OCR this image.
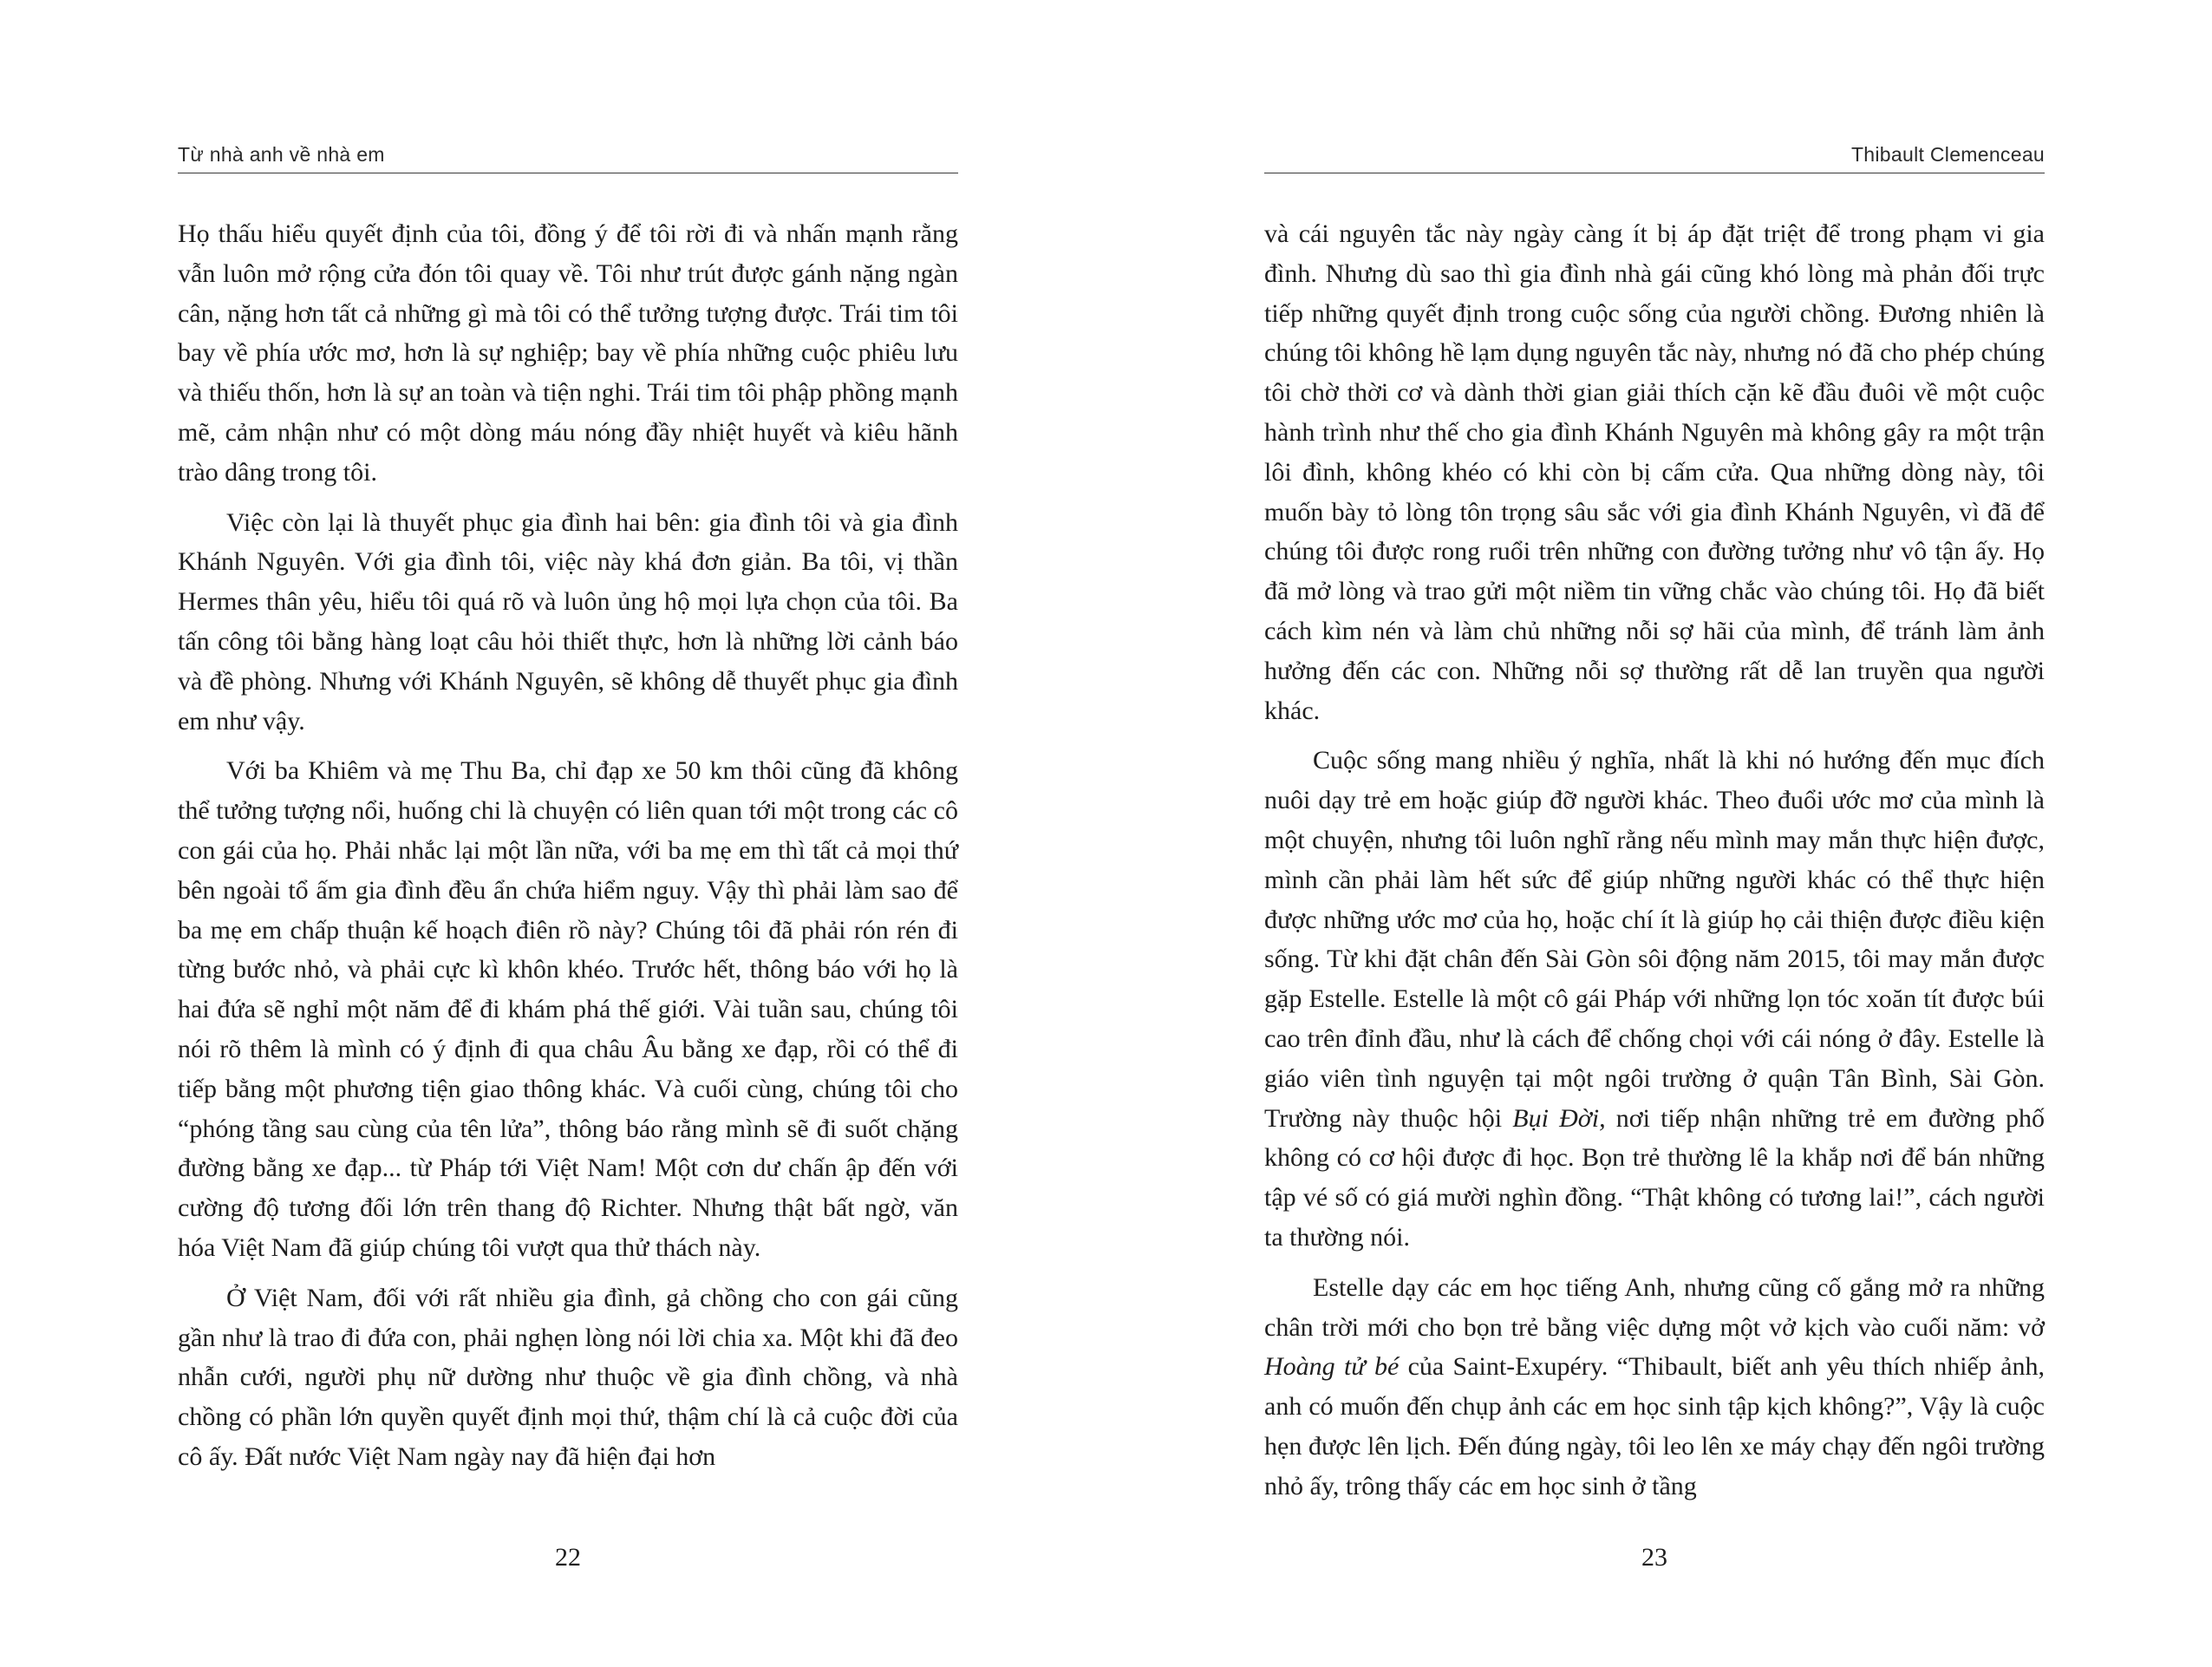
Từ nhà anh về nhà em

Họ thấu hiểu quyết định của tôi, đồng ý để tôi rời đi và nhấn mạnh rằng vẫn luôn mở rộng cửa đón tôi quay về. Tôi như trút được gánh nặng ngàn cân, nặng hơn tất cả những gì mà tôi có thể tưởng tượng được. Trái tim tôi bay về phía ước mơ, hơn là sự nghiệp; bay về phía những cuộc phiêu lưu và thiếu thốn, hơn là sự an toàn và tiện nghi. Trái tim tôi phập phồng mạnh mẽ, cảm nhận như có một dòng máu nóng đầy nhiệt huyết và kiêu hãnh trào dâng trong tôi.

Việc còn lại là thuyết phục gia đình hai bên: gia đình tôi và gia đình Khánh Nguyên. Với gia đình tôi, việc này khá đơn giản. Ba tôi, vị thần Hermes thân yêu, hiểu tôi quá rõ và luôn ủng hộ mọi lựa chọn của tôi. Ba tấn công tôi bằng hàng loạt câu hỏi thiết thực, hơn là những lời cảnh báo và đề phòng. Nhưng với Khánh Nguyên, sẽ không dễ thuyết phục gia đình em như vậy.

Với ba Khiêm và mẹ Thu Ba, chỉ đạp xe 50 km thôi cũng đã không thể tưởng tượng nổi, huống chi là chuyện có liên quan tới một trong các cô con gái của họ. Phải nhắc lại một lần nữa, với ba mẹ em thì tất cả mọi thứ bên ngoài tổ ấm gia đình đều ẩn chứa hiểm nguy. Vậy thì phải làm sao để ba mẹ em chấp thuận kế hoạch điên rồ này? Chúng tôi đã phải rón rén đi từng bước nhỏ, và phải cực kì khôn khéo. Trước hết, thông báo với họ là hai đứa sẽ nghỉ một năm để đi khám phá thế giới. Vài tuần sau, chúng tôi nói rõ thêm là mình có ý định đi qua châu Âu bằng xe đạp, rồi có thể đi tiếp bằng một phương tiện giao thông khác. Và cuối cùng, chúng tôi cho “phóng tầng sau cùng của tên lửa”, thông báo rằng mình sẽ đi suốt chặng đường bằng xe đạp... từ Pháp tới Việt Nam! Một cơn dư chấn ập đến với cường độ tương đối lớn trên thang độ Richter. Nhưng thật bất ngờ, văn hóa Việt Nam đã giúp chúng tôi vượt qua thử thách này.

Ở Việt Nam, đối với rất nhiều gia đình, gả chồng cho con gái cũng gần như là trao đi đứa con, phải nghẹn lòng nói lời chia xa. Một khi đã đeo nhẫn cưới, người phụ nữ dường như thuộc về gia đình chồng, và nhà chồng có phần lớn quyền quyết định mọi thứ, thậm chí là cả cuộc đời của cô ấy. Đất nước Việt Nam ngày nay đã hiện đại hơn

22
Thibault Clemenceau

và cái nguyên tắc này ngày càng ít bị áp đặt triệt để trong phạm vi gia đình. Nhưng dù sao thì gia đình nhà gái cũng khó lòng mà phản đối trực tiếp những quyết định trong cuộc sống của người chồng. Đương nhiên là chúng tôi không hề lạm dụng nguyên tắc này, nhưng nó đã cho phép chúng tôi chờ thời cơ và dành thời gian giải thích cặn kẽ đầu đuôi về một cuộc hành trình như thế cho gia đình Khánh Nguyên mà không gây ra một trận lôi đình, không khéo có khi còn bị cấm cửa. Qua những dòng này, tôi muốn bày tỏ lòng tôn trọng sâu sắc với gia đình Khánh Nguyên, vì đã để chúng tôi được rong ruổi trên những con đường tưởng như vô tận ấy. Họ đã mở lòng và trao gửi một niềm tin vững chắc vào chúng tôi. Họ đã biết cách kìm nén và làm chủ những nỗi sợ hãi của mình, để tránh làm ảnh hưởng đến các con. Những nỗi sợ thường rất dễ lan truyền qua người khác.

Cuộc sống mang nhiều ý nghĩa, nhất là khi nó hướng đến mục đích nuôi dạy trẻ em hoặc giúp đỡ người khác. Theo đuổi ước mơ của mình là một chuyện, nhưng tôi luôn nghĩ rằng nếu mình may mắn thực hiện được, mình cần phải làm hết sức để giúp những người khác có thể thực hiện được những ước mơ của họ, hoặc chí ít là giúp họ cải thiện được điều kiện sống. Từ khi đặt chân đến Sài Gòn sôi động năm 2015, tôi may mắn được gặp Estelle. Estelle là một cô gái Pháp với những lọn tóc xoăn tít được búi cao trên đỉnh đầu, như là cách để chống chọi với cái nóng ở đây. Estelle là giáo viên tình nguyện tại một ngôi trường ở quận Tân Bình, Sài Gòn. Trường này thuộc hội Bụi Đời, nơi tiếp nhận những trẻ em đường phố không có cơ hội được đi học. Bọn trẻ thường lê la khắp nơi để bán những tập vé số có giá mười nghìn đồng. “Thật không có tương lai!”, cách người ta thường nói.

Estelle dạy các em học tiếng Anh, nhưng cũng cố gắng mở ra những chân trời mới cho bọn trẻ bằng việc dựng một vở kịch vào cuối năm: vở Hoàng tử bé của Saint-Exupéry. “Thibault, biết anh yêu thích nhiếp ảnh, anh có muốn đến chụp ảnh các em học sinh tập kịch không?”, Vậy là cuộc hẹn được lên lịch. Đến đúng ngày, tôi leo lên xe máy chạy đến ngôi trường nhỏ ấy, trông thấy các em học sinh ở tầng

23
